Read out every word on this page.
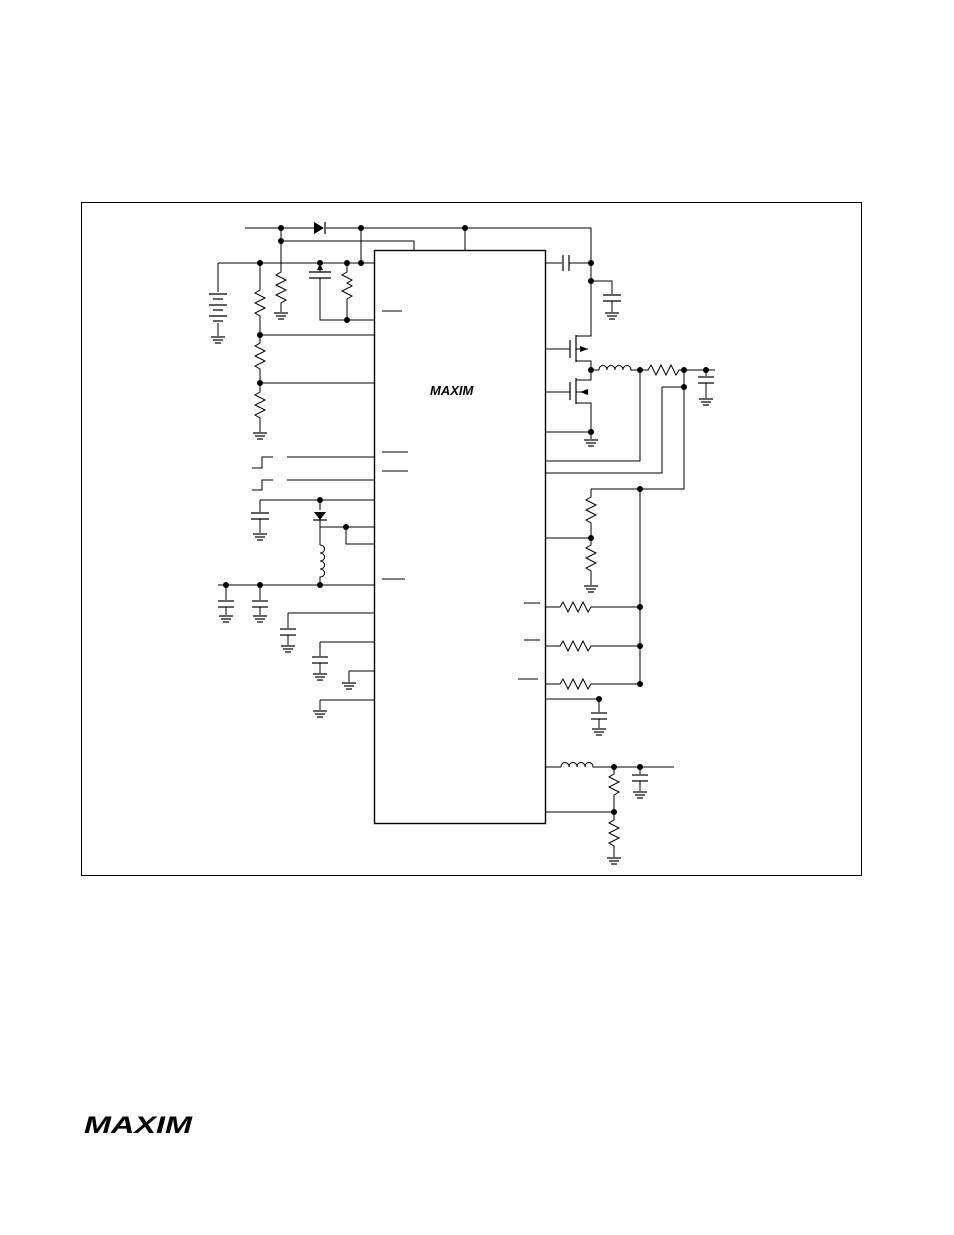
MAXIM
MAXIM
